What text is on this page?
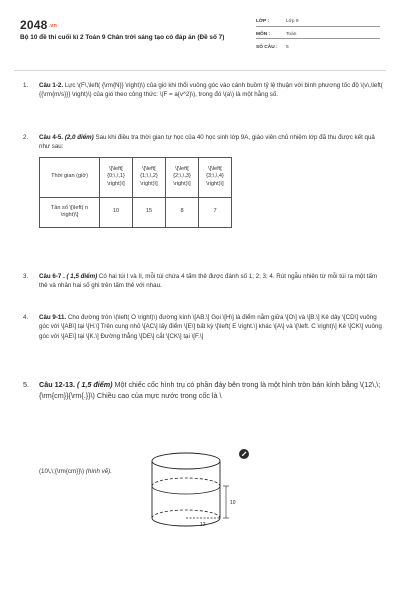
2048.vn
Bộ 10 đề thi cuối kì 2 Toán 9 Chân trời sáng tạo có đáp án (Đề số 7)
LỚP :	Lớp 9
MÔN :	Toán
SỐ CÂU :	5
1.	Câu 1-2. Lực \(F\,\left( {\rm{N}} \right)\) của gió khi thổi vuông góc vào cánh buồm tỷ lệ thuận với bình phương tốc độ \(v\,\left( {{\rm{m/s}}} \right)\) của gió theo công thức: \(F = a{v^2}\), trong đó \(a\) là một hằng số.
2.	Câu 4-5. (2,0 điểm) Sau khi điều tra thời gian tự học của 40 học sinh lớp 9A, giáo viên chủ nhiệm lớp đã thu được kết quả như sau:
Thời gian (giờ)	\[\left[ {0;\,\,1} \right)\]	\[\left[ {1;\,\,2} \right)\]	\[\left[ {2;\,\,3} \right)\]	\[\left[ {3;\,\,4} \right)\]
Tần số \[\left( n \right)\]	10	15	8	7
3.	Câu 6-7 . ( 1,5 điểm) Có hai túi I và II, mỗi túi chứa 4 tấm thẻ được đánh số 1; 2; 3; 4. Rút ngẫu nhiên từ mỗi túi ra một tấm thẻ và nhân hai số ghi trên tấm thẻ với nhau.
4.	Câu 9-11. Cho đường tròn \(\left( O \right)\) đường kính \[AB.\] Gọi \[H\] là điểm nằm giữa \[O\] và \[B.\] Kẻ dây \[CD\] vuông góc với \[AB\] tại \[H.\] Trên cung nhỏ \[AC\] lấy điểm \[E\] bất kỳ \[\left( E \right.\] khác \[A\] và \[\left. C \right)\] Kẻ \[CK\] vuông góc với \[AE\] tại \[K.\] Đường thẳng \[DE\] cắt \[CK\] tại \[F.\]
5.	Câu 12-13. ( 1,5 điểm) Một chiếc cốc hình trụ có phần đáy bên trong là một hình tròn bán kính bằng \(12\,\;{\rm{cm}}{\rm{.}}\) Chiều cao của mực nước trong cốc là \
(10\,\;{\rm{cm}}\) (hình vẽ).
10
12
